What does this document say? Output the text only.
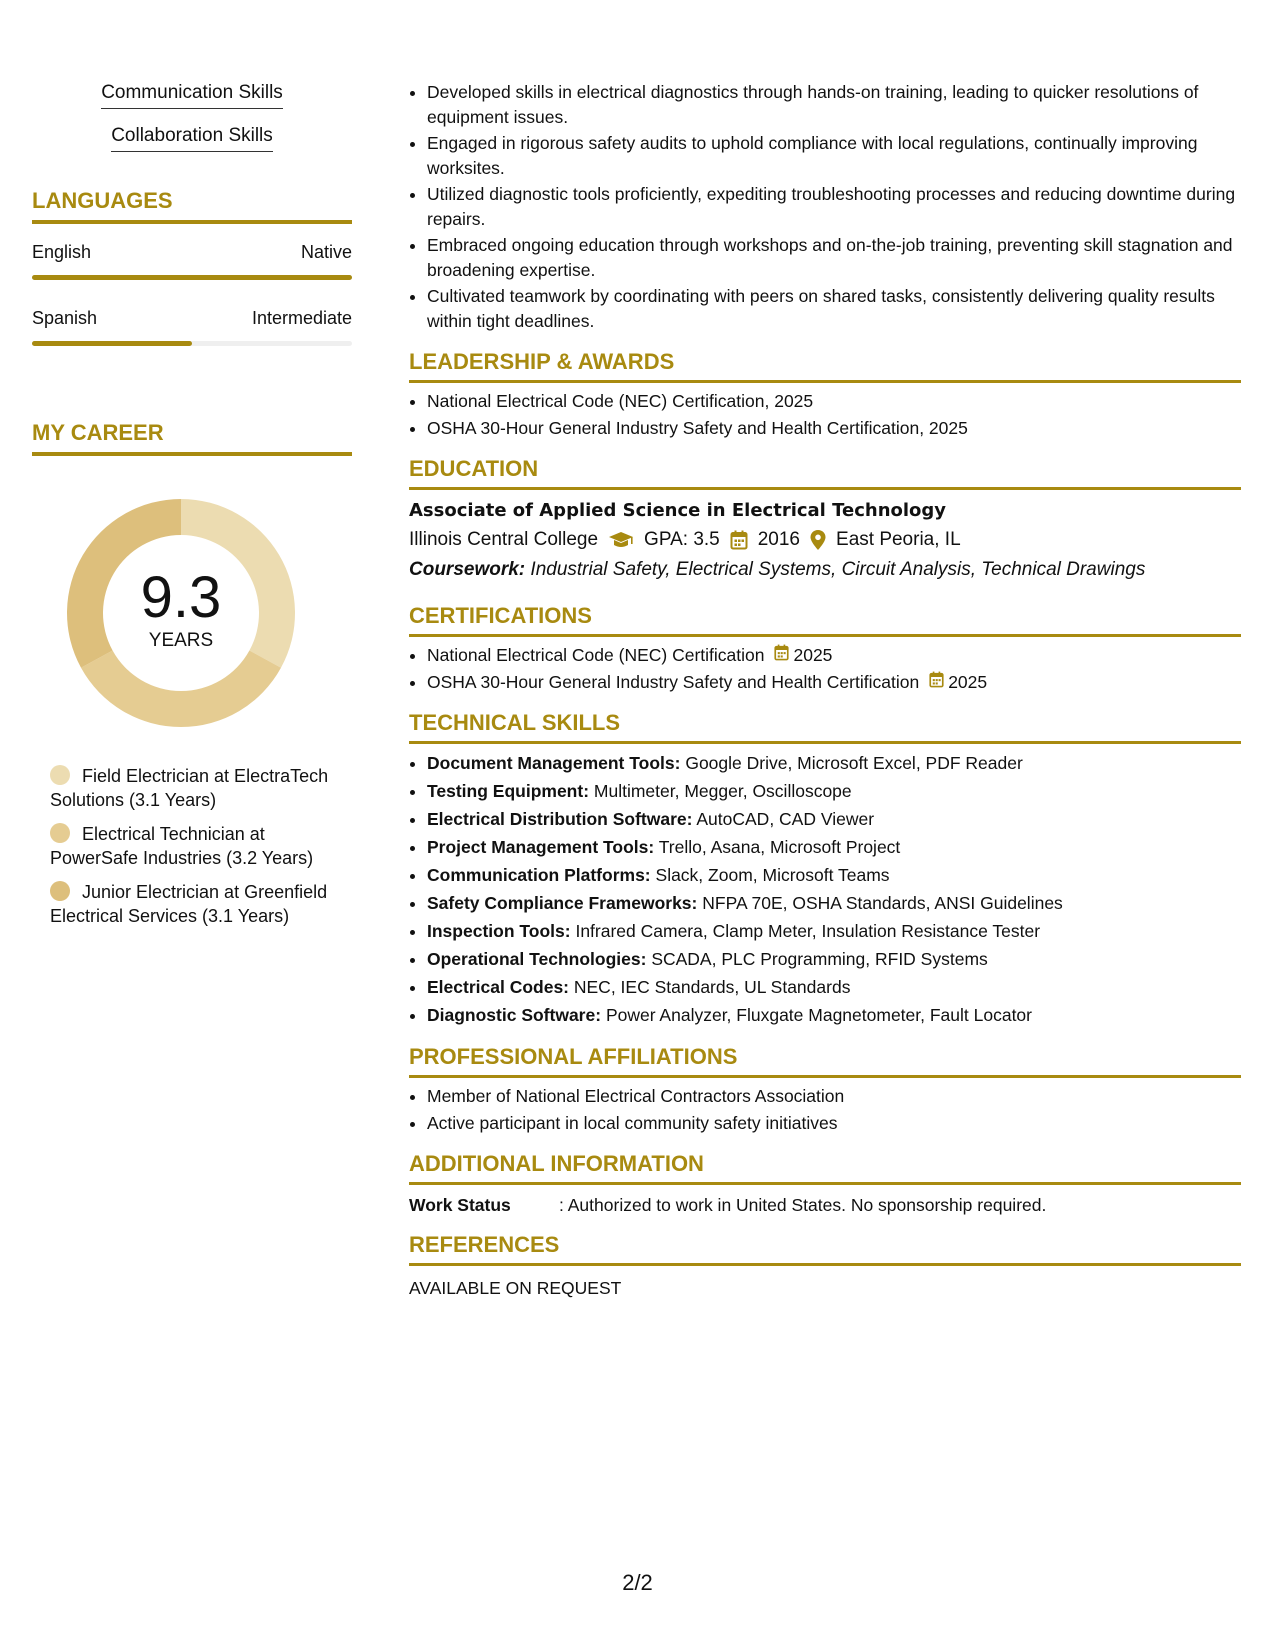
Communication Skills
Collaboration Skills
LANGUAGES
English	Native
Spanish	Intermediate
MY CAREER
9.3
YEARS
Field Electrician at ElectraTech Solutions (3.1 Years)
Electrical Technician at PowerSafe Industries (3.2 Years)
Junior Electrician at Greenfield Electrical Services (3.1 Years)
• Developed skills in electrical diagnostics through hands-on training, leading to quicker resolutions of equipment issues.
• Engaged in rigorous safety audits to uphold compliance with local regulations, continually improving worksites.
• Utilized diagnostic tools proficiently, expediting troubleshooting processes and reducing downtime during repairs.
• Embraced ongoing education through workshops and on-the-job training, preventing skill stagnation and broadening expertise.
• Cultivated teamwork by coordinating with peers on shared tasks, consistently delivering quality results within tight deadlines.
LEADERSHIP & AWARDS
• National Electrical Code (NEC) Certification, 2025
• OSHA 30-Hour General Industry Safety and Health Certification, 2025
EDUCATION
Associate of Applied Science in Electrical Technology
Illinois Central College GPA: 3.5 2016 East Peoria, IL
Coursework: Industrial Safety, Electrical Systems, Circuit Analysis, Technical Drawings
CERTIFICATIONS
• National Electrical Code (NEC) Certification 2025
• OSHA 30-Hour General Industry Safety and Health Certification 2025
TECHNICAL SKILLS
• Document Management Tools: Google Drive, Microsoft Excel, PDF Reader
• Testing Equipment: Multimeter, Megger, Oscilloscope
• Electrical Distribution Software: AutoCAD, CAD Viewer
• Project Management Tools: Trello, Asana, Microsoft Project
• Communication Platforms: Slack, Zoom, Microsoft Teams
• Safety Compliance Frameworks: NFPA 70E, OSHA Standards, ANSI Guidelines
• Inspection Tools: Infrared Camera, Clamp Meter, Insulation Resistance Tester
• Operational Technologies: SCADA, PLC Programming, RFID Systems
• Electrical Codes: NEC, IEC Standards, UL Standards
• Diagnostic Software: Power Analyzer, Fluxgate Magnetometer, Fault Locator
PROFESSIONAL AFFILIATIONS
• Member of National Electrical Contractors Association
• Active participant in local community safety initiatives
ADDITIONAL INFORMATION
Work Status	: Authorized to work in United States. No sponsorship required.
REFERENCES
AVAILABLE ON REQUEST
2/2
